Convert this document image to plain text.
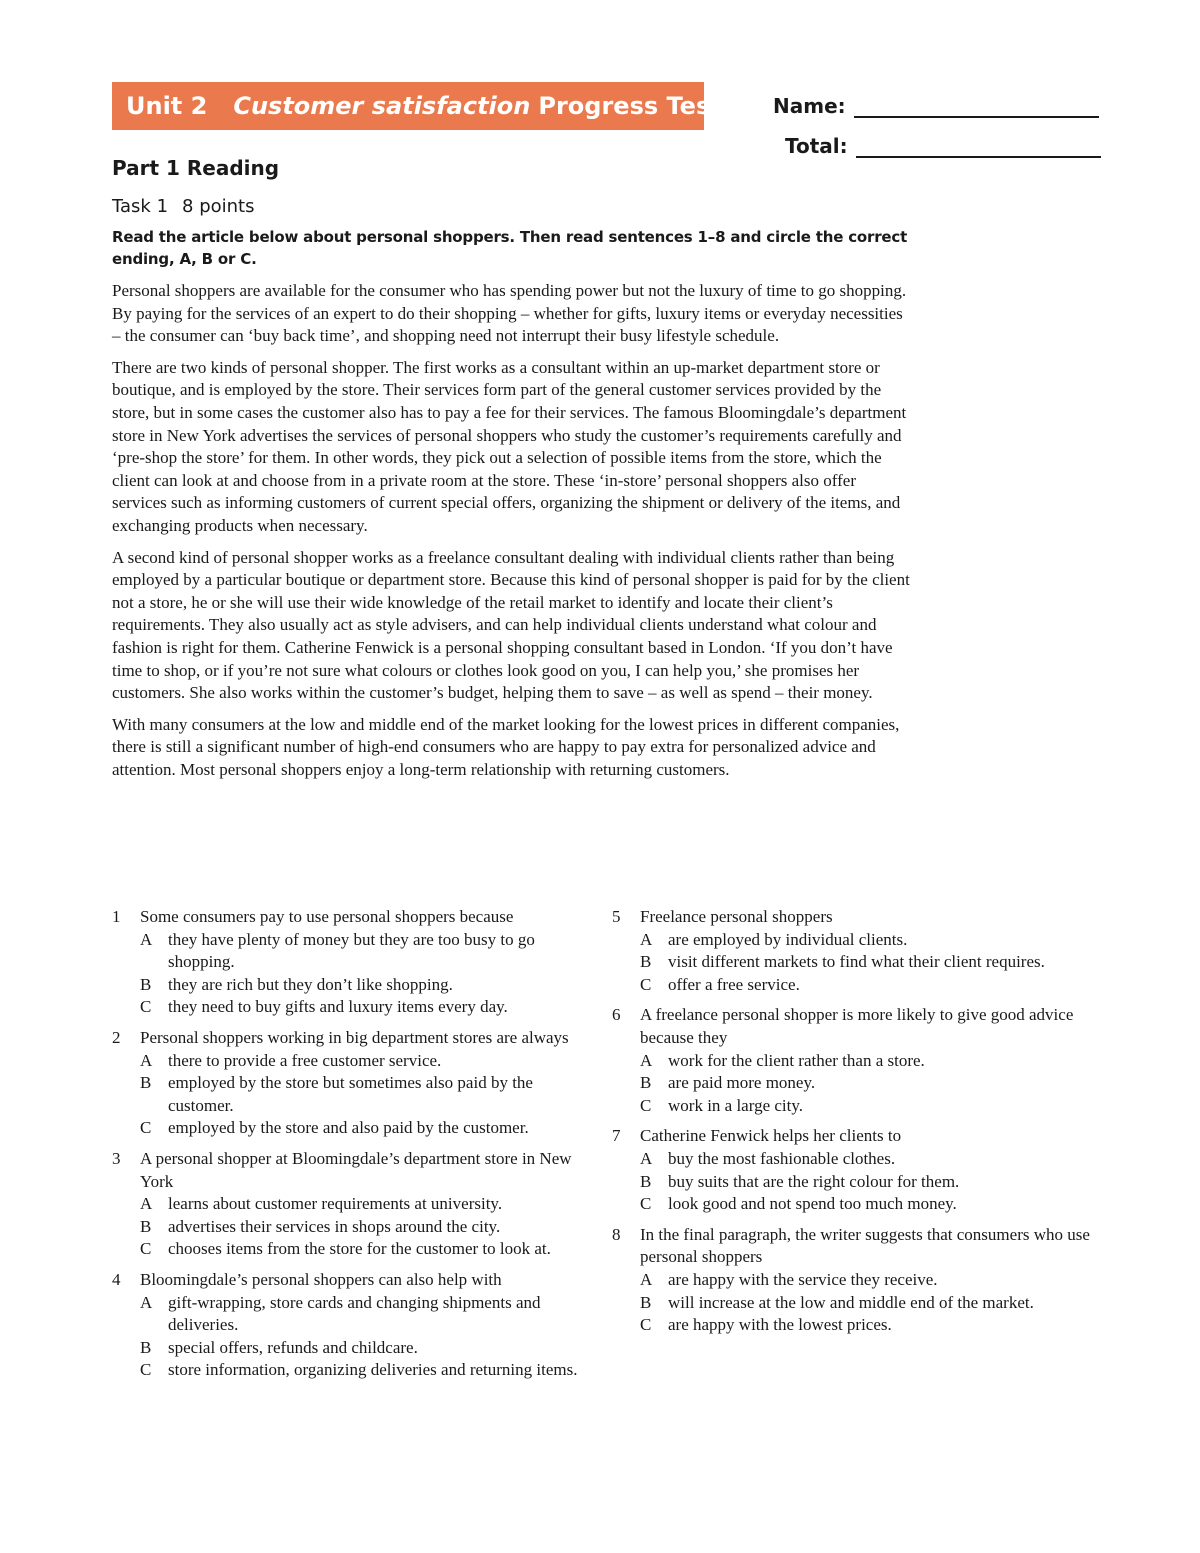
Unit 2 Customer satisfaction Progress Test	Name:
Total:
Part 1 Reading
Task 1 8 points
Read the article below about personal shoppers. Then read sentences 1–8 and circle the correct ending, A, B or C.

Personal shoppers are available for the consumer who has spending power but not the luxury of time to go shopping. By paying for the services of an expert to do their shopping – whether for gifts, luxury items or everyday necessities – the consumer can ‘buy back time’, and shopping need not interrupt their busy lifestyle schedule.

There are two kinds of personal shopper. The first works as a consultant within an up-market department store or boutique, and is employed by the store. Their services form part of the general customer services provided by the store, but in some cases the customer also has to pay a fee for their services. The famous Bloomingdale’s department store in New York advertises the services of personal shoppers who study the customer’s requirements carefully and ‘pre-shop the store’ for them. In other words, they pick out a selection of possible items from the store, which the client can look at and choose from in a private room at the store. These ‘in-store’ personal shoppers also offer services such as informing customers of current special offers, organizing the shipment or delivery of the items, and exchanging products when necessary.

A second kind of personal shopper works as a freelance consultant dealing with individual clients rather than being employed by a particular boutique or department store. Because this kind of personal shopper is paid for by the client not a store, he or she will use their wide knowledge of the retail market to identify and locate their client’s requirements. They also usually act as style advisers, and can help individual clients understand what colour and fashion is right for them. Catherine Fenwick is a personal shopping consultant based in London. ‘If you don’t have time to shop, or if you’re not sure what colours or clothes look good on you, I can help you,’ she promises her customers. She also works within the customer’s budget, helping them to save – as well as spend – their money.

With many consumers at the low and middle end of the market looking for the lowest prices in different companies, there is still a significant number of high-end consumers who are happy to pay extra for personalized advice and attention. Most personal shoppers enjoy a long-term relationship with returning customers.

1	Some consumers pay to use personal shoppers because
A they have plenty of money but they are too busy to go shopping.
B they are rich but they don’t like shopping.
C they need to buy gifts and luxury items every day.
2	Personal shoppers working in big department stores are always
A there to provide a free customer service.
B employed by the store but sometimes also paid by the customer.
C employed by the store and also paid by the customer.
3	A personal shopper at Bloomingdale’s department store in New York
A learns about customer requirements at university.
B advertises their services in shops around the city.
C chooses items from the store for the customer to look at.
4	Bloomingdale’s personal shoppers can also help with
A gift-wrapping, store cards and changing shipments and deliveries.
B special offers, refunds and childcare.
C store information, organizing deliveries and returning items.
5	Freelance personal shoppers
A are employed by individual clients.
B visit different markets to find what their client requires.
C offer a free service.
6	A freelance personal shopper is more likely to give good advice because they
A work for the client rather than a store.
B are paid more money.
C work in a large city.
7	Catherine Fenwick helps her clients to
A buy the most fashionable clothes.
B buy suits that are the right colour for them.
C look good and not spend too much money.
8	In the final paragraph, the writer suggests that consumers who use personal shoppers
A are happy with the service they receive.
B will increase at the low and middle end of the market.
C are happy with the lowest prices.
